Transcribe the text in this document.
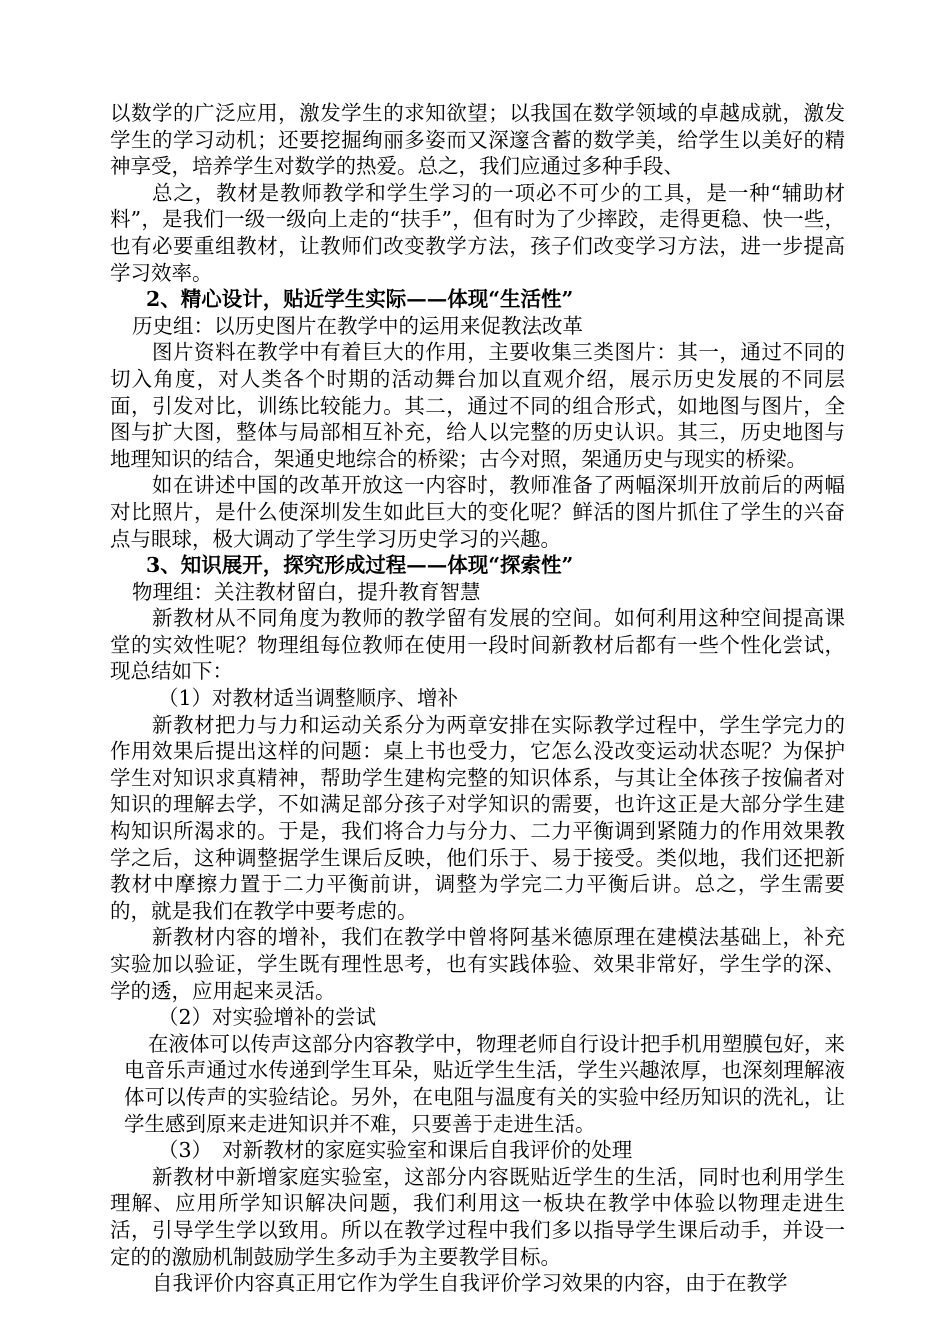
以数学的广泛应用，激发学生的求知欲望；以我国在数学领域的卓越成就，激发学生的学习动机；还要挖掘绚丽多姿而又深邃含蓄的数学美，给学生以美好的精神享受，培养学生对数学的热爱。总之，我们应通过多种手段、

总之，教材是教师教学和学生学习的一项必不可少的工具，是一种“辅助材料”，是我们一级一级向上走的“扶手”，但有时为了少摔跤，走得更稳、快一些，也有必要重组教材，让教师们改变教学方法，孩子们改变学习方法，进一步提高学习效率。

2、精心设计，贴近学生实际——体现“生活性”

历史组：以历史图片在教学中的运用来促教法改革

图片资料在教学中有着巨大的作用，主要收集三类图片：其一，通过不同的切入角度，对人类各个时期的活动舞台加以直观介绍，展示历史发展的不同层面，引发对比，训练比较能力。其二，通过不同的组合形式，如地图与图片，全图与扩大图，整体与局部相互补充，给人以完整的历史认识。其三，历史地图与地理知识的结合，架通史地综合的桥梁；古今对照，架通历史与现实的桥梁。

如在讲述中国的改革开放这一内容时，教师准备了两幅深圳开放前后的两幅对比照片，是什么使深圳发生如此巨大的变化呢？鲜活的图片抓住了学生的兴奋点与眼球，极大调动了学生学习历史学习的兴趣。

3、知识展开，探究形成过程——体现“探索性”

物理组：关注教材留白，提升教育智慧

新教材从不同角度为教师的教学留有发展的空间。如何利用这种空间提高课堂的实效性呢？物理组每位教师在使用一段时间新教材后都有一些个性化尝试，现总结如下：

（1）对教材适当调整顺序、增补

新教材把力与力和运动关系分为两章安排在实际教学过程中，学生学完力的作用效果后提出这样的问题：桌上书也受力，它怎么没改变运动状态呢？为保护学生对知识求真精神，帮助学生建构完整的知识体系，与其让全体孩子按偏者对知识的理解去学，不如满足部分孩子对学知识的需要，也许这正是大部分学生建构知识所渴求的。于是，我们将合力与分力、二力平衡调到紧随力的作用效果教学之后，这种调整据学生课后反映，他们乐于、易于接受。类似地，我们还把新教材中摩擦力置于二力平衡前讲，调整为学完二力平衡后讲。总之，学生需要的，就是我们在教学中要考虑的。

新教材内容的增补，我们在教学中曾将阿基米德原理在建模法基础上，补充实验加以验证，学生既有理性思考，也有实践体验、效果非常好，学生学的深、学的透，应用起来灵活。

（2）对实验增补的尝试

在液体可以传声这部分内容教学中，物理老师自行设计把手机用塑膜包好，来电音乐声通过水传递到学生耳朵，贴近学生生活，学生兴趣浓厚，也深刻理解液体可以传声的实验结论。另外，在电阻与温度有关的实验中经历知识的洗礼，让学生感到原来走进知识并不难，只要善于走进生活。

（3）　对新教材的家庭实验室和课后自我评价的处理

新教材中新增家庭实验室，这部分内容既贴近学生的生活，同时也利用学生理解、应用所学知识解决问题，我们利用这一板块在教学中体验以物理走进生活，引导学生学以致用。所以在教学过程中我们多以指导学生课后动手，并设一定的的激励机制鼓励学生多动手为主要教学目标。

自我评价内容真正用它作为学生自我评价学习效果的内容，由于在教学
